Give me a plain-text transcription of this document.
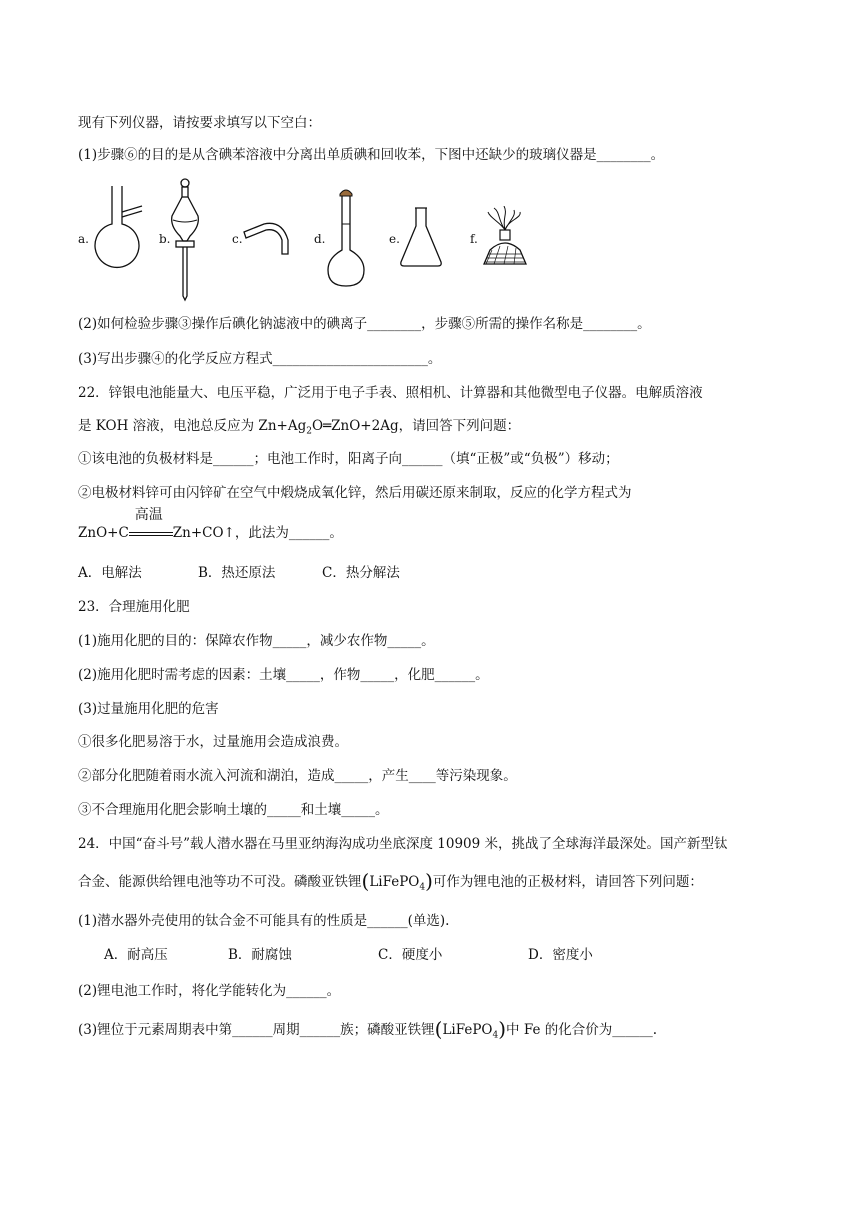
现有下列仪器，请按要求填写以下空白：
(1)步骤⑥的目的是从含碘苯溶液中分离出单质碘和回收苯，下图中还缺少的玻璃仪器是________。
a.	b.	c.	d.	e.	f.
(2)如何检验步骤③操作后碘化钠滤液中的碘离子________，步骤⑤所需的操作名称是________。
(3)写出步骤④的化学反应方程式_______________________。
22．锌银电池能量大、电压平稳，广泛用于电子手表、照相机、计算器和其他微型电子仪器。电解质溶液
是 KOH 溶液，电池总反应为 $Zn+Ag_2O═ZnO+2Ag$，请回答下列问题：
①该电池的负极材料是______；电池工作时，阳离子向______（填“正极”或“负极”）移动；
②电极材料锌可由闪锌矿在空气中煅烧成氧化锌，然后用碳还原来制取，反应的化学方程式为
ZnO+C
高温
Zn+CO↑，此法为______。
A．电解法	B．热还原法	C．热分解法
23．合理施用化肥
(1)施用化肥的目的：保障农作物_____，减少农作物_____。
(2)施用化肥时需考虑的因素：土壤_____，作物_____，化肥______。
(3)过量施用化肥的危害
①很多化肥易溶于水，过量施用会造成浪费。
②部分化肥随着雨水流入河流和湖泊，造成_____，产生____等污染现象。
③不合理施用化肥会影响土壤的_____和土壤_____。
24．中国“奋斗号”载人潜水器在马里亚纳海沟成功坐底深度 10909 米，挑战了全球海洋最深处。国产新型钛
合金、能源供给锂电池等功不可没。磷酸亚铁锂(LiFePO$_4$)可作为锂电池的正极材料，请回答下列问题：
(1)潜水器外壳使用的钛合金不可能具有的性质是______(单选).
A．耐高压	B．耐腐蚀	C．硬度小	D．密度小
(2)锂电池工作时，将化学能转化为______。
(3)锂位于元素周期表中第______周期______族；磷酸亚铁锂(LiFePO$_4$)中 Fe 的化合价为______.
